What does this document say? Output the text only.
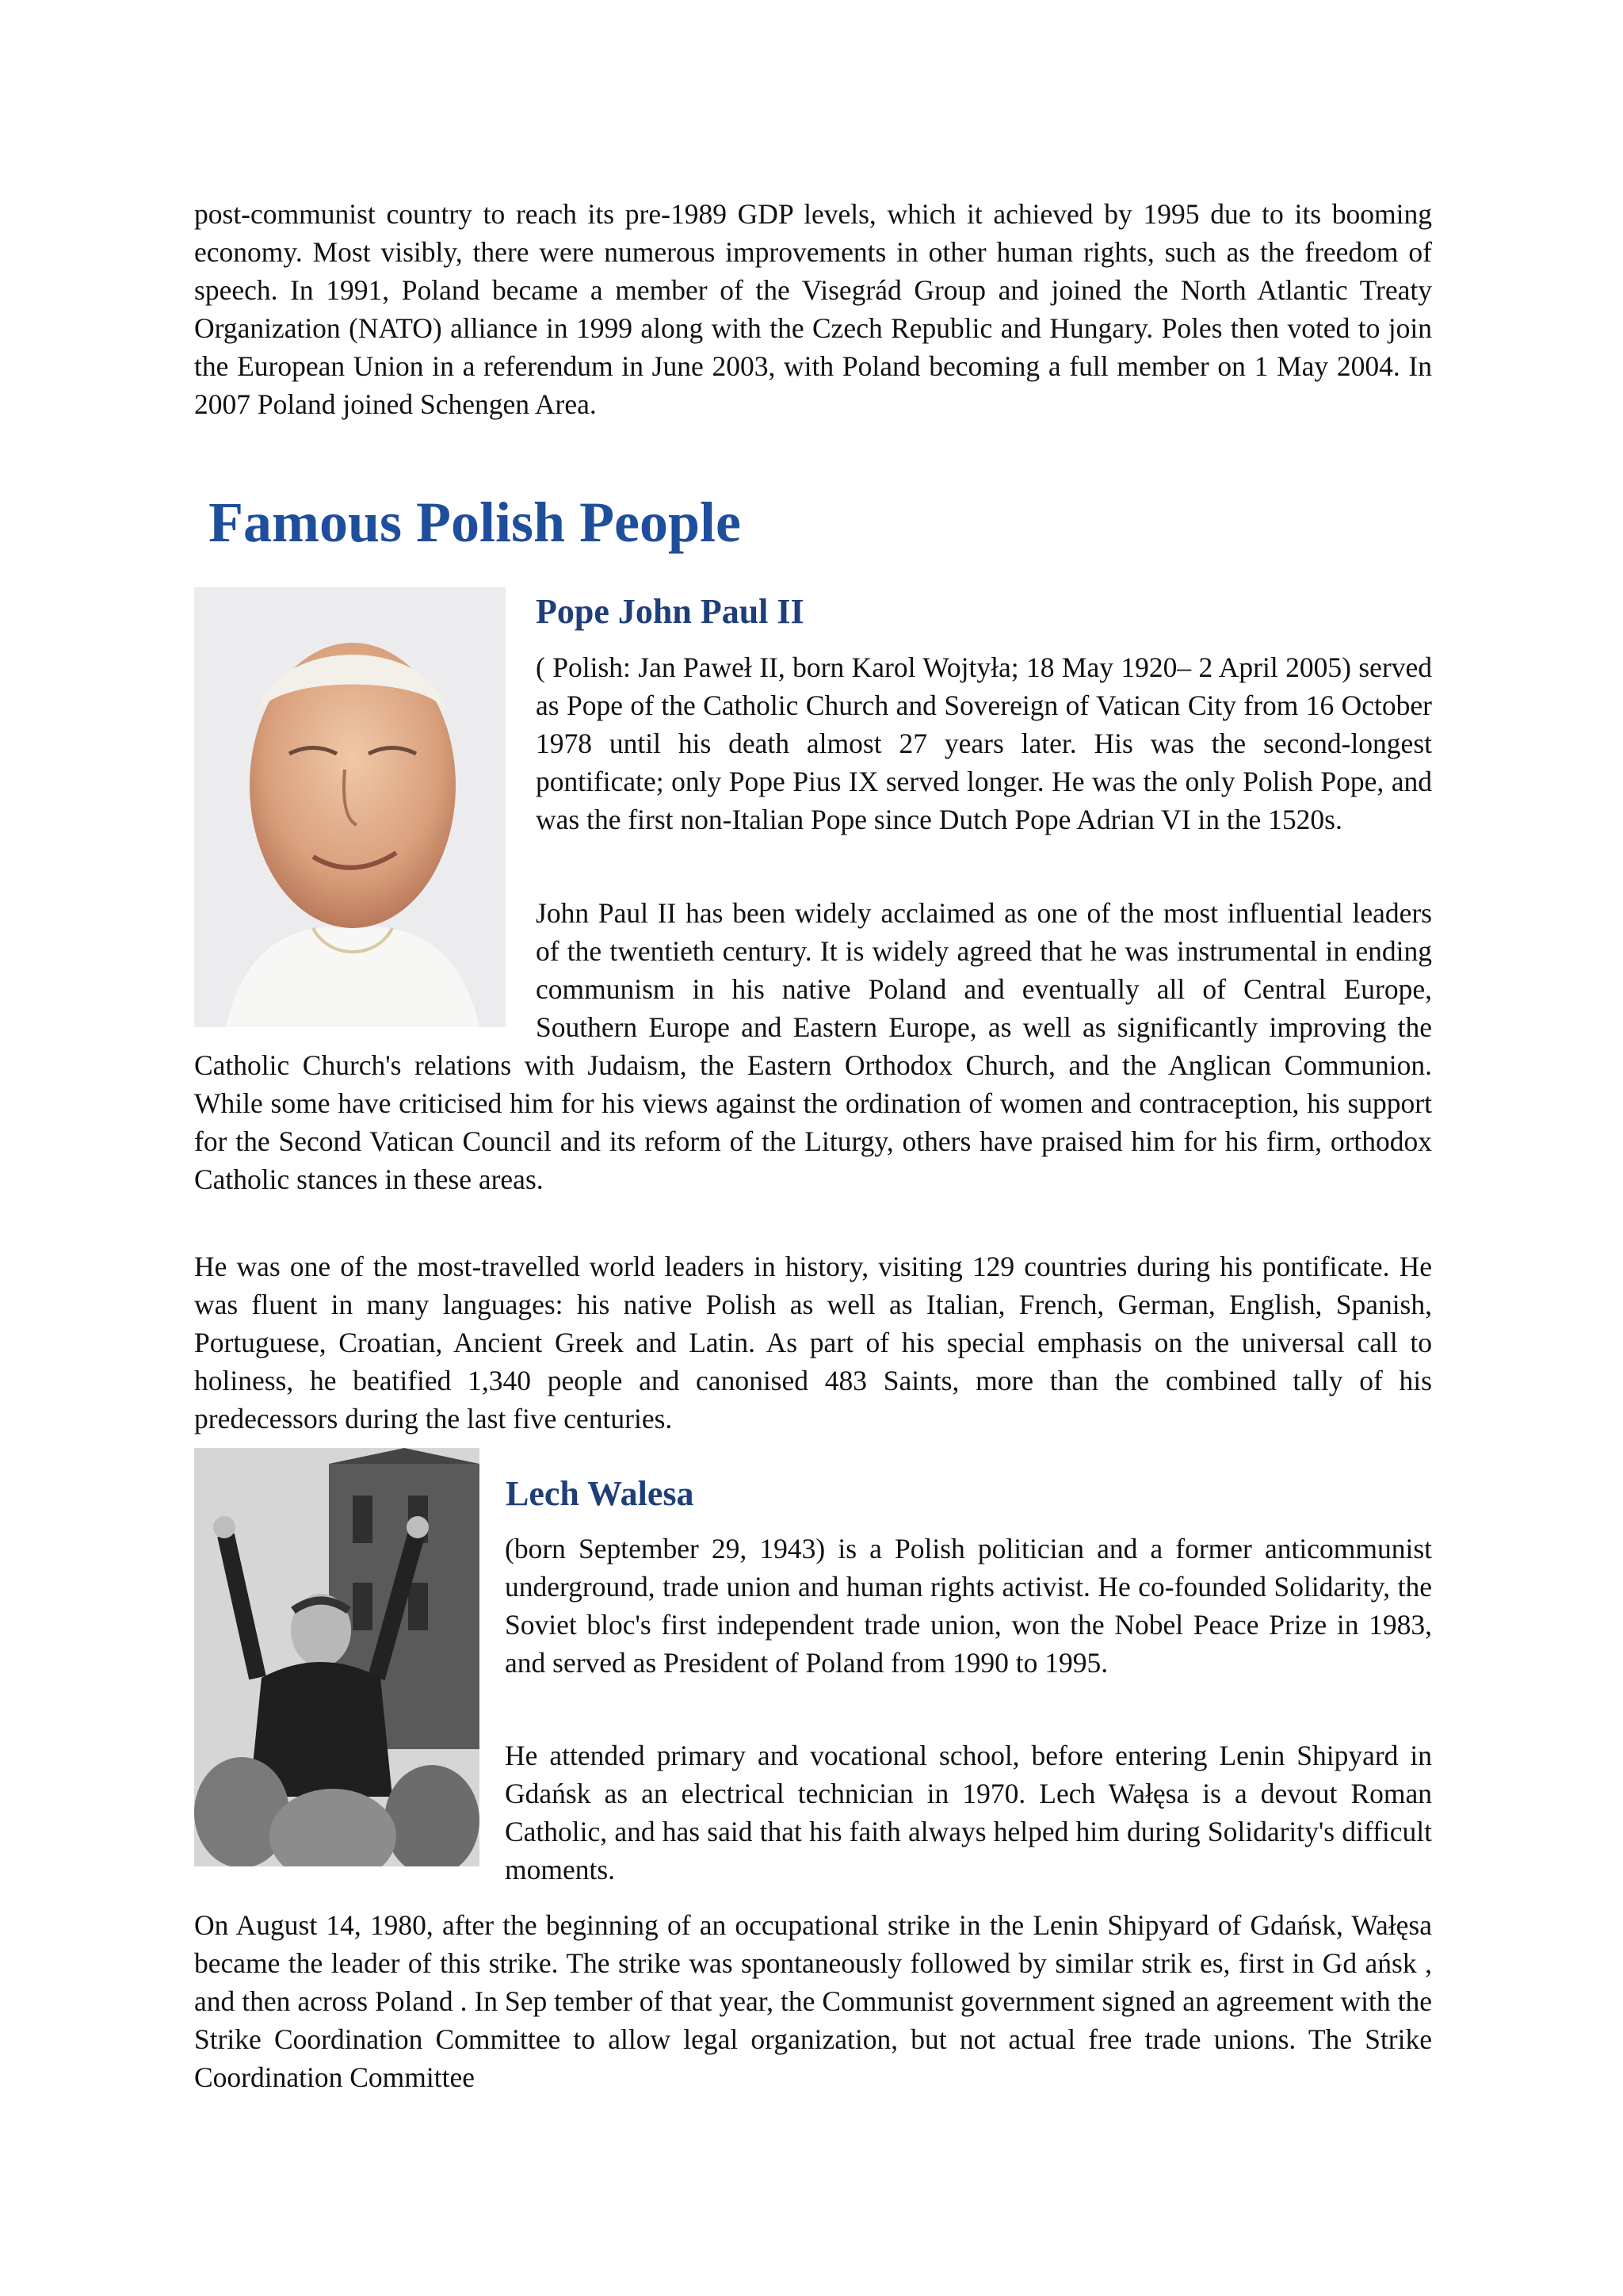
post-communist country to reach its pre-1989 GDP levels, which it achieved by 1995 due to its booming economy. Most visibly, there were numerous improvements in other human rights, such as the freedom of speech. In 1991, Poland became a member of the Visegrád Group and joined the North Atlantic Treaty Organization (NATO) alliance in 1999 along with the Czech Republic and Hungary. Poles then voted to join the European Union in a referendum in June 2003, with Poland becoming a full member on 1 May 2004. In 2007 Poland joined Schengen Area.

Famous Polish People
Pope John Paul II

( Polish: Jan Paweł II, born Karol Wojtyła; 18 May 1920– 2 April 2005) served as Pope of the Catholic Church and Sovereign of Vatican City from 16 October 1978 until his death almost 27 years later. His was the second-longest pontificate; only Pope Pius IX served longer. He was the only Polish Pope, and was the first non-Italian Pope since Dutch Pope Adrian VI in the 1520s.

John Paul II has been widely acclaimed as one of the most influential leaders of the twentieth century. It is widely agreed that he was instrumental in ending communism in his native Poland and eventually all of Central Europe, Southern Europe and Eastern Europe, as well as significantly improving the Catholic Church's relations with Judaism, the Eastern Orthodox Church, and the Anglican Communion. While some have criticised him for his views against the ordination of women and contraception, his support for the Second Vatican Council and its reform of the Liturgy, others have praised him for his firm, orthodox Catholic stances in these areas.

He was one of the most-travelled world leaders in history, visiting 129 countries during his pontificate. He was fluent in many languages: his native Polish as well as Italian, French, German, English, Spanish, Portuguese, Croatian, Ancient Greek and Latin. As part of his special emphasis on the universal call to holiness, he beatified 1,340 people and canonised 483 Saints, more than the combined tally of his predecessors during the last five centuries.

Lech Walesa

(born September 29, 1943) is a Polish politician and a former anticommunist underground, trade union and human rights activist. He co-founded Solidarity, the Soviet bloc's first independent trade union, won the Nobel Peace Prize in 1983, and served as President of Poland from 1990 to 1995.

He attended primary and vocational school, before entering Lenin Shipyard in Gdańsk as an electrical technician in 1970. Lech Wałęsa is a devout Roman Catholic, and has said that his faith always helped him during Solidarity's difficult moments.

On August 14, 1980, after the beginning of an occupational strike in the Lenin Shipyard of Gdańsk, Wałęsa became the leader of this strike. The strike was spontaneously followed by similar strik es, first in Gd ańsk , and then across Poland . In Sep tember of that year, the Communist government signed an agreement with the Strike Coordination Committee to allow legal organization, but not actual free trade unions. The Strike Coordination Committee
